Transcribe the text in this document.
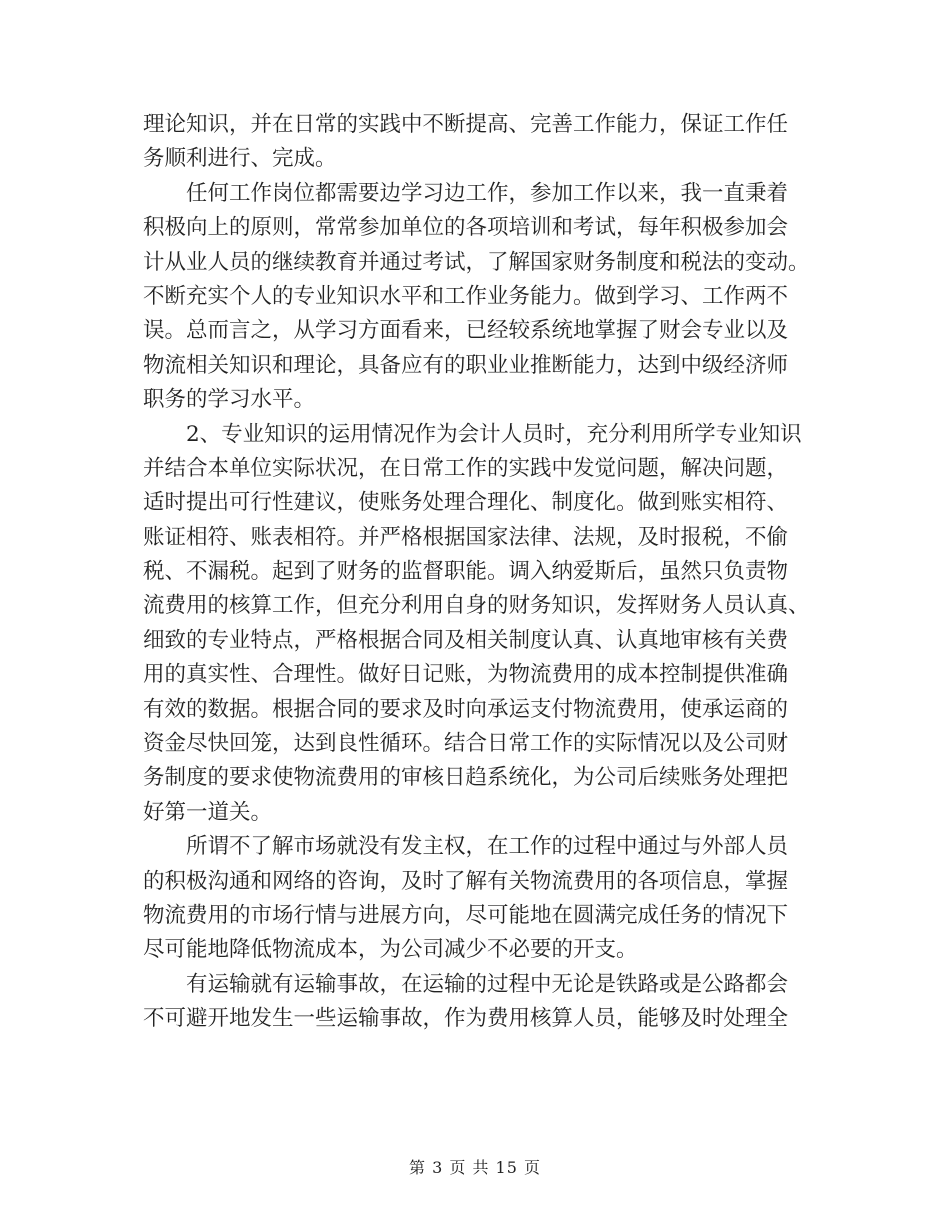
理论知识，并在日常的实践中不断提高、完善工作能力，保证工作任

务顺利进行、完成。

任何工作岗位都需要边学习边工作，参加工作以来，我一直秉着

积极向上的原则，常常参加单位的各项培训和考试，每年积极参加会

计从业人员的继续教育并通过考试，了解国家财务制度和税法的变动。

不断充实个人的专业知识水平和工作业务能力。做到学习、工作两不

误。总而言之，从学习方面看来，已经较系统地掌握了财会专业以及

物流相关知识和理论，具备应有的职业业推断能力，达到中级经济师

职务的学习水平。

2、专业知识的运用情况作为会计人员时，充分利用所学专业知识

并结合本单位实际状况，在日常工作的实践中发觉问题，解决问题，

适时提出可行性建议，使账务处理合理化、制度化。做到账实相符、

账证相符、账表相符。并严格根据国家法律、法规，及时报税，不偷

税、不漏税。起到了财务的监督职能。调入纳爱斯后，虽然只负责物

流费用的核算工作，但充分利用自身的财务知识，发挥财务人员认真、

细致的专业特点，严格根据合同及相关制度认真、认真地审核有关费

用的真实性、合理性。做好日记账，为物流费用的成本控制提供准确

有效的数据。根据合同的要求及时向承运支付物流费用，使承运商的

资金尽快回笼，达到良性循环。结合日常工作的实际情况以及公司财

务制度的要求使物流费用的审核日趋系统化，为公司后续账务处理把

好第一道关。

所谓不了解市场就没有发主权，在工作的过程中通过与外部人员

的积极沟通和网络的咨询，及时了解有关物流费用的各项信息，掌握

物流费用的市场行情与进展方向，尽可能地在圆满完成任务的情况下

尽可能地降低物流成本，为公司减少不必要的开支。

有运输就有运输事故，在运输的过程中无论是铁路或是公路都会

不可避开地发生一些运输事故，作为费用核算人员，能够及时处理全

第 3 页 共 15 页
